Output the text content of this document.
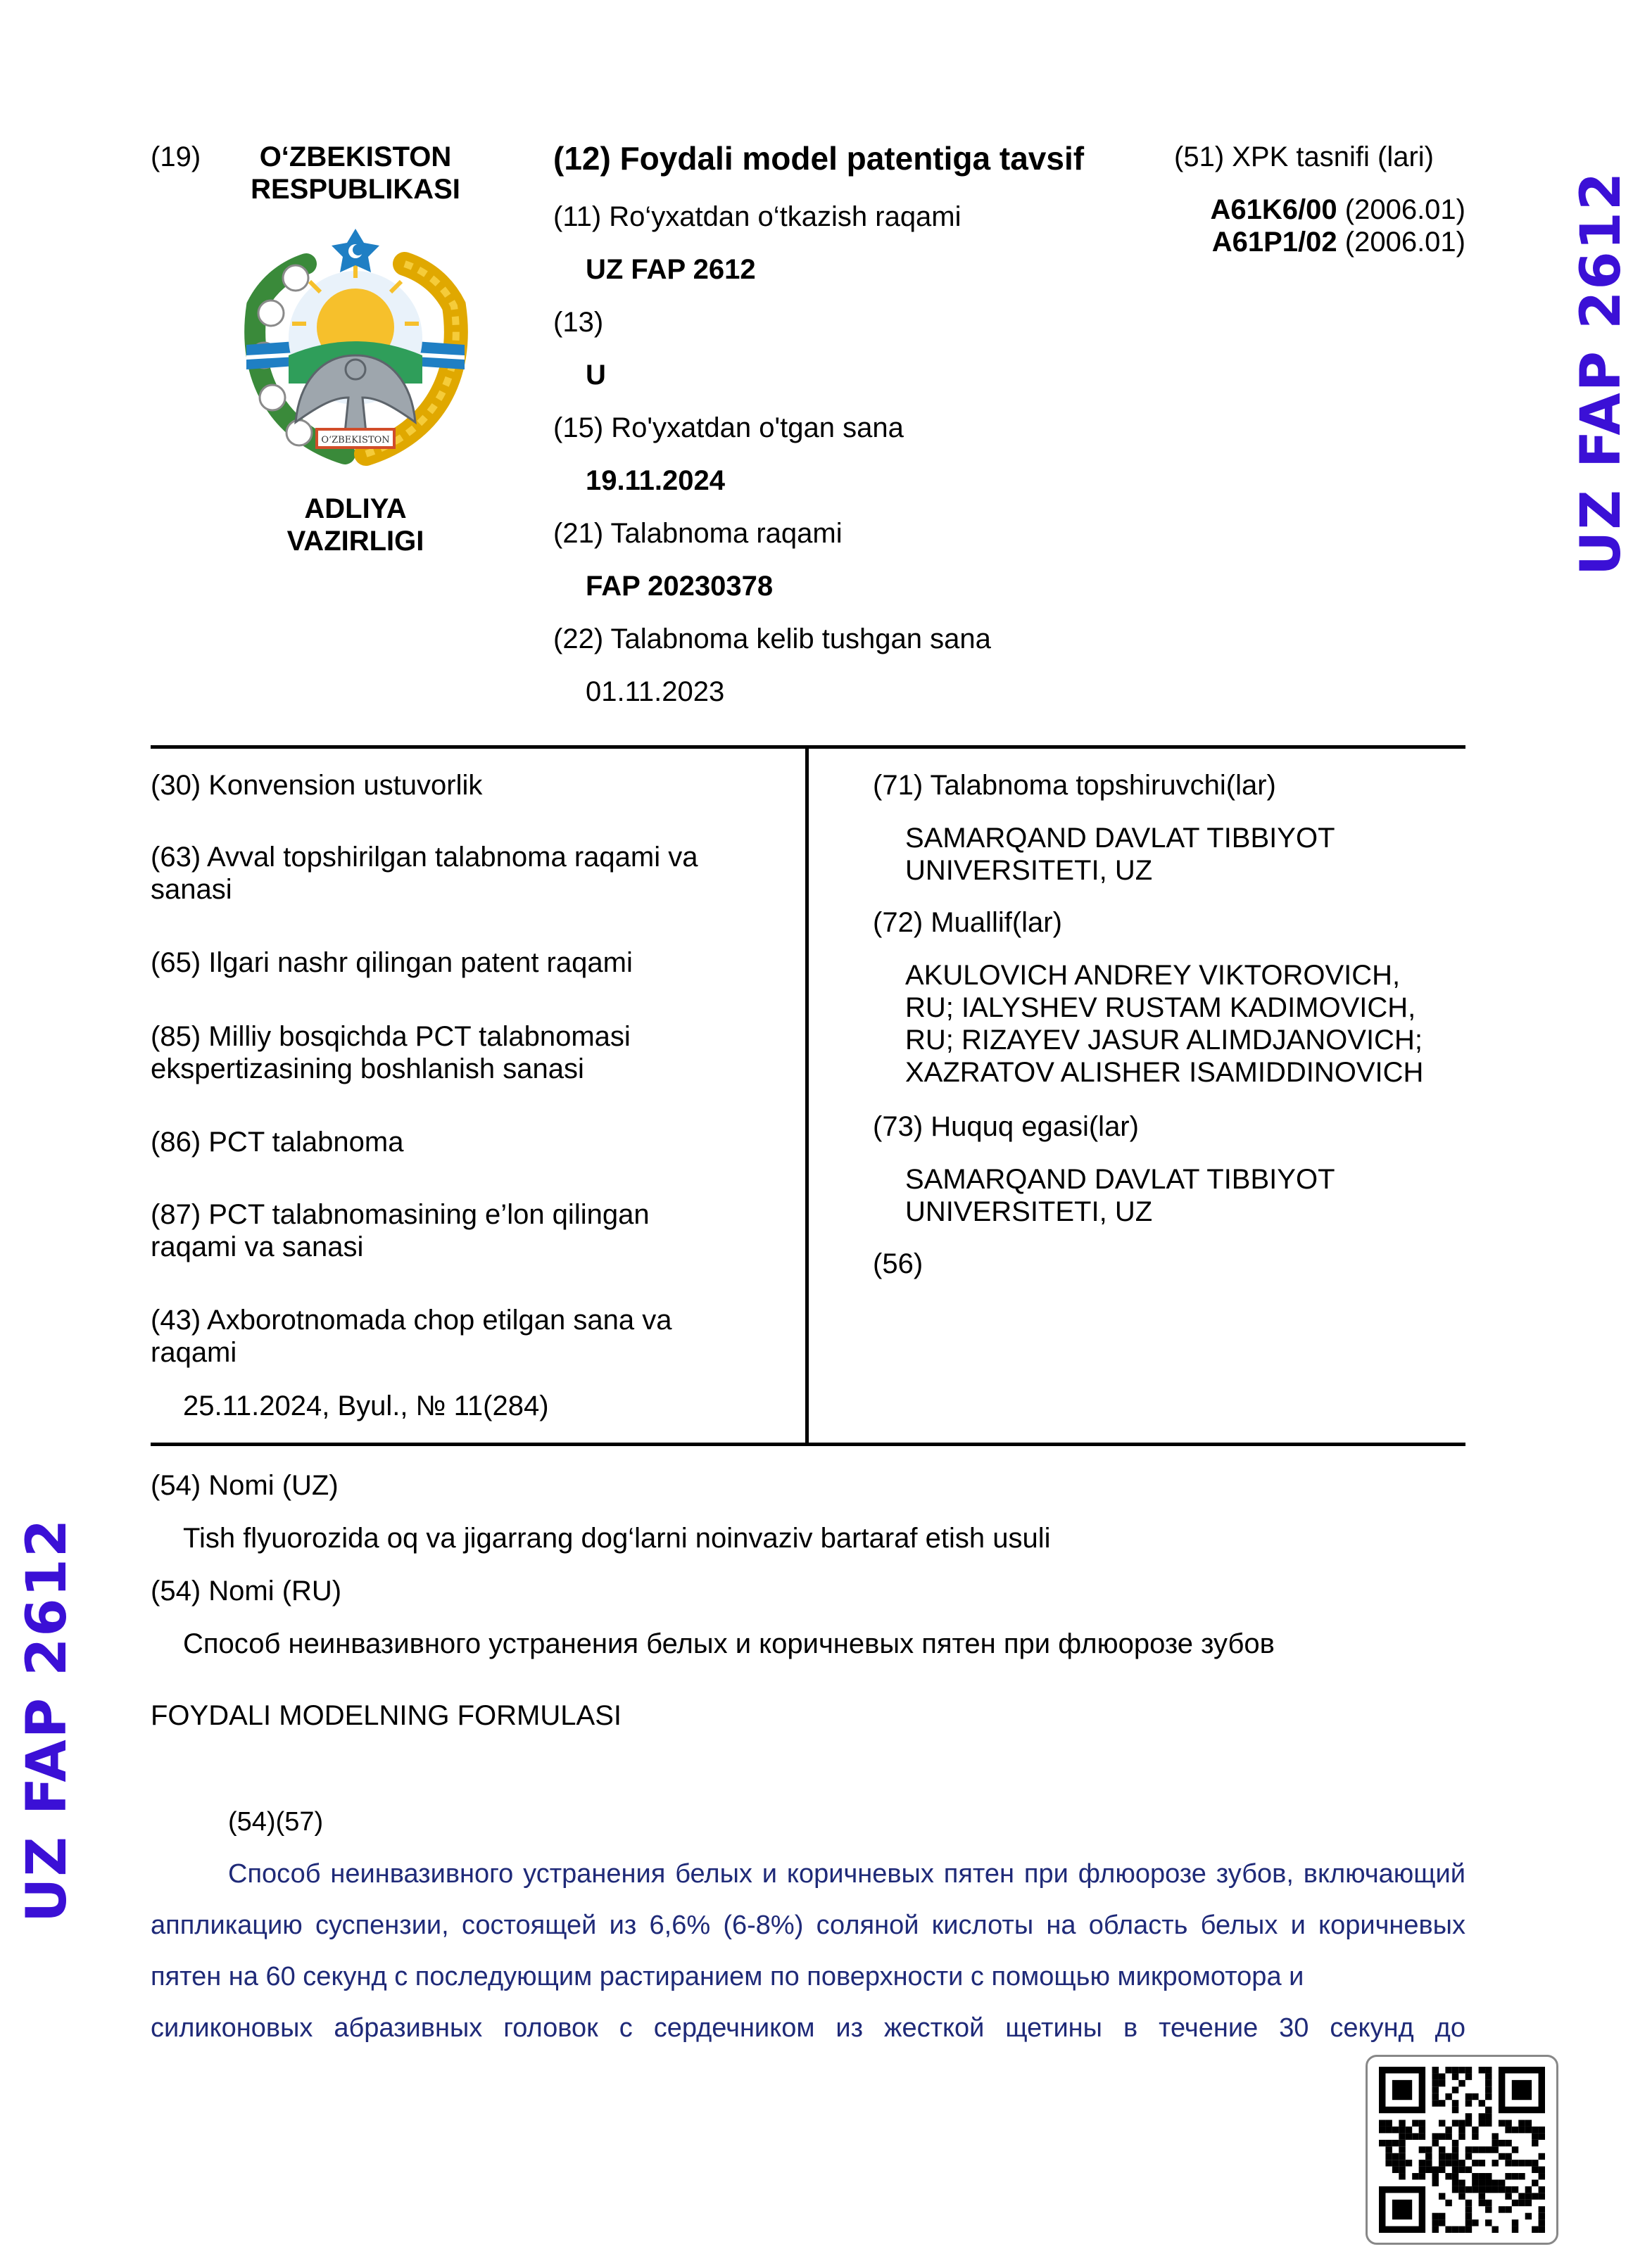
UZ FAP 2612
UZ FAP 2612
(19)	O‘ZBEKISTON
RESPUBLIKASI
O‘ZBEKISTON
ADLIYA
VAZIRLIGI
(12) Foydali model patentiga tavsif
(11) Ro‘yxatdan o‘tkazish raqami
UZ FAP 2612
(13)
U
(15) Ro'yxatdan o'tgan sana
19.11.2024
(21) Talabnoma raqami
FAP 20230378
(22) Talabnoma kelib tushgan sana
01.11.2023
(51) XPK tasnifi (lari)
A61K6/00 (2006.01)
A61P1/02 (2006.01)
(30) Konvension ustuvorlik
(63) Avval topshirilgan talabnoma raqami va
sanasi
(65) Ilgari nashr qilingan patent raqami
(85) Milliy bosqichda PCT talabnomasi
ekspertizasining boshlanish sanasi
(86) PCT talabnoma
(87) PCT talabnomasining e’lon qilingan
raqami va sanasi
(43) Axborotnomada chop etilgan sana va
raqami
25.11.2024, Byul., № 11(284)
(71) Talabnoma topshiruvchi(lar)
SAMARQAND DAVLAT TIBBIYOT
UNIVERSITETI, UZ
(72) Muallif(lar)
AKULOVICH ANDREY VIKTOROVICH,
RU; IALYSHEV RUSTAM KADIMOVICH,
RU; RIZAYEV JASUR ALIMDJANOVICH;
XAZRATOV ALISHER ISAMIDDINOVICH
(73) Huquq egasi(lar)
SAMARQAND DAVLAT TIBBIYOT
UNIVERSITETI, UZ
(56)
(54) Nomi (UZ)
Tish flyuorozida oq va jigarrang dog‘larni noinvaziv bartaraf etish usuli
(54) Nomi (RU)
Способ неинвазивного устранения белых и коричневых пятен при флюорозе зубов
FOYDALI MODELNING FORMULASI
(54)(57)
Способ неинвазивного устранения белых и коричневых пятен при флюорозе зубов, включающий аппликацию суспензии, состоящей из 6,6% (6-8%) соляной кислоты на область белых и коричневых пятен на 60 секунд с последующим растиранием по поверхности с помощью микромотора и
силиконовых абразивных головок с сердечником из жесткой щетины в течение 30 секунд до
